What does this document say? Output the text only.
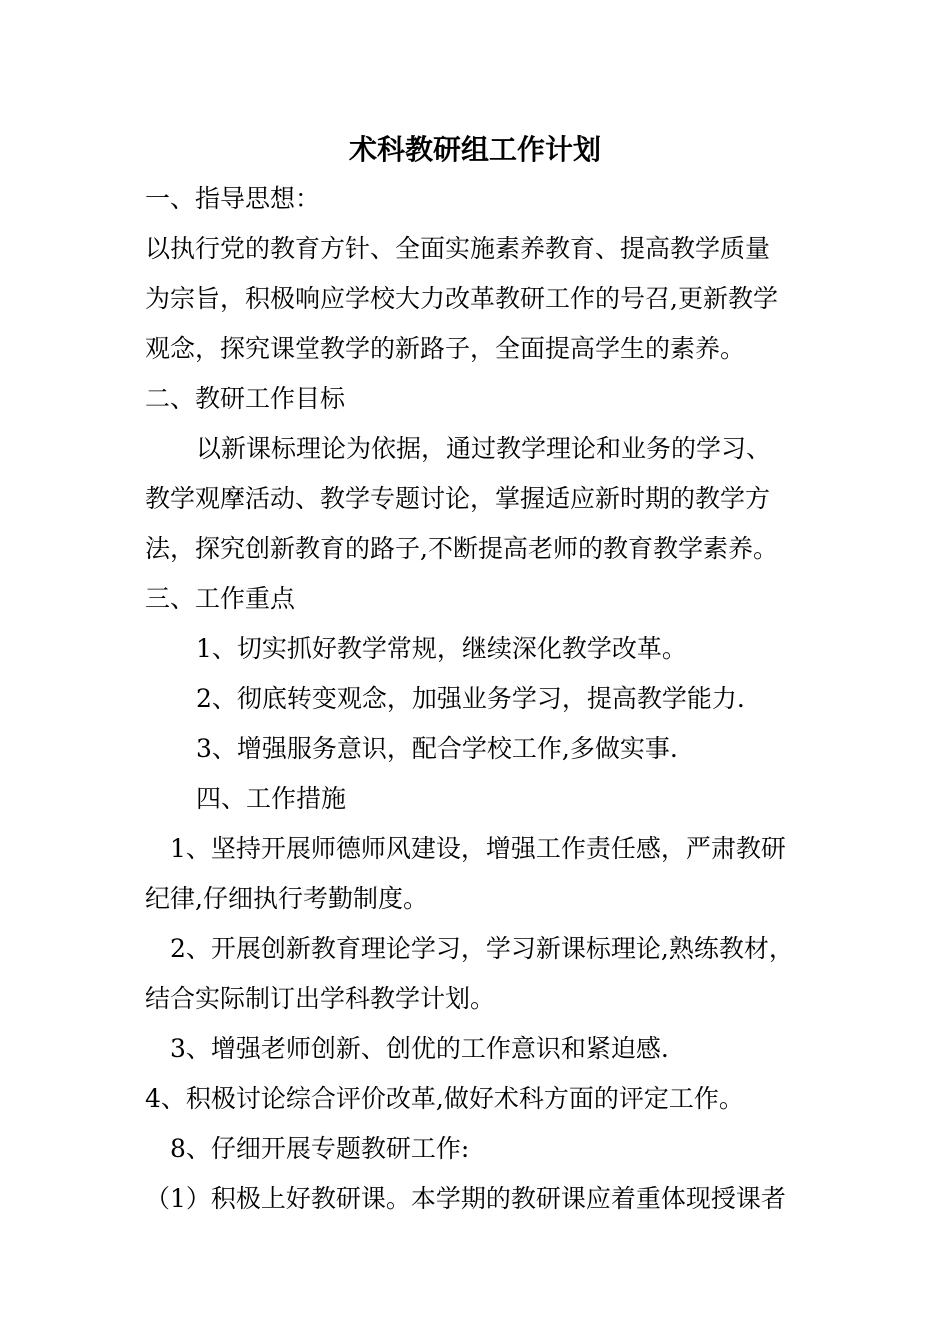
术科教研组工作计划
一、指导思想：
以执行党的教育方针、全面实施素养教育、提高教学质量
为宗旨，积极响应学校大力改革教研工作的号召,更新教学
观念，探究课堂教学的新路子，全面提高学生的素养。
二、教研工作目标
以新课标理论为依据，通过教学理论和业务的学习、
教学观摩活动、教学专题讨论，掌握适应新时期的教学方
法，探究创新教育的路子,不断提高老师的教育教学素养。
三、工作重点
1、切实抓好教学常规，继续深化教学改革。
2、彻底转变观念，加强业务学习，提高教学能力.
3、增强服务意识，配合学校工作,多做实事.
四、工作措施
1、坚持开展师德师风建设，增强工作责任感，严肃教研
纪律,仔细执行考勤制度。
2、开展创新教育理论学习，学习新课标理论,熟练教材，
结合实际制订出学科教学计划。
3、增强老师创新、创优的工作意识和紧迫感.
4、积极讨论综合评价改革,做好术科方面的评定工作。
8、仔细开展专题教研工作:
（1）积极上好教研课。本学期的教研课应着重体现授课者
